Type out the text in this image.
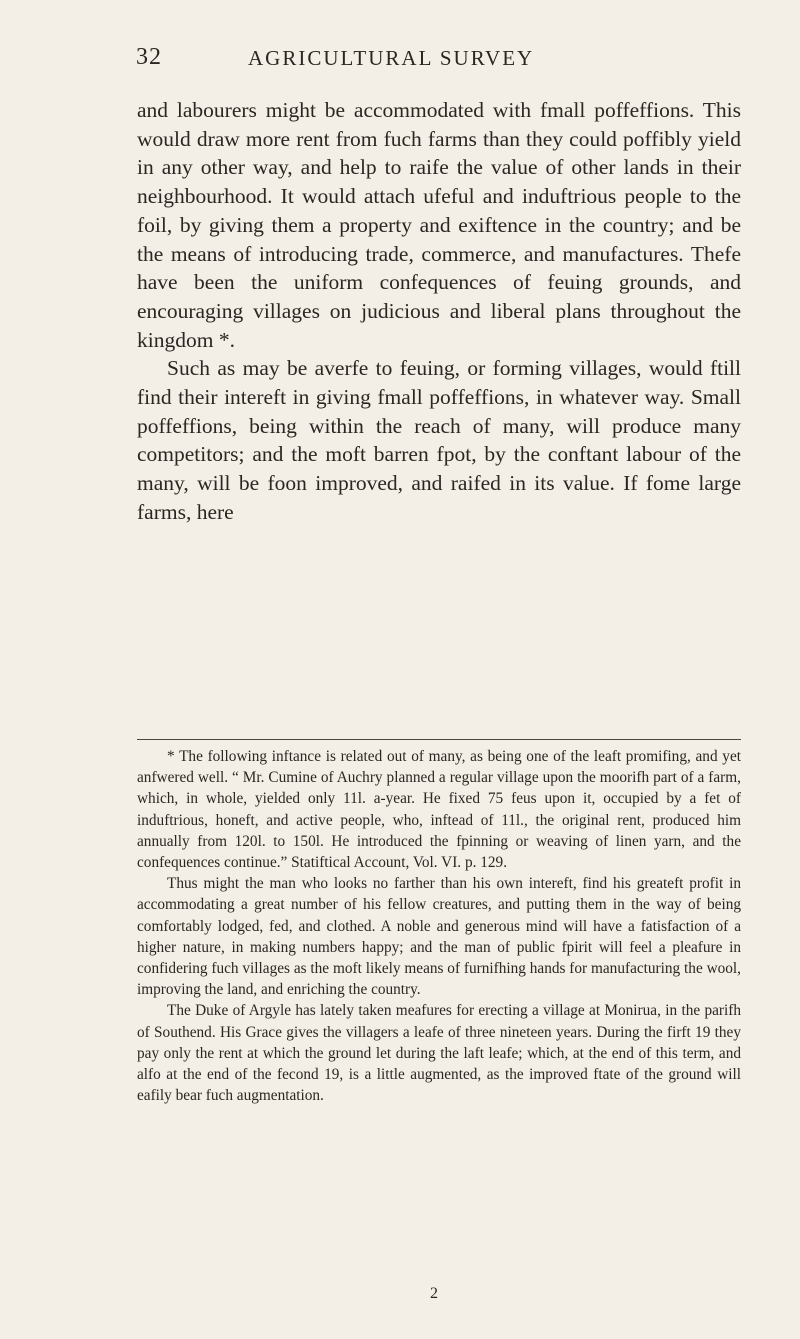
32	AGRICULTURAL SURVEY

and labourers might be accommodated with fmall poffeffions. This would draw more rent from fuch farms than they could poffibly yield in any other way, and help to raife the value of other lands in their neighbourhood. It would attach ufeful and induftrious people to the foil, by giving them a property and exiftence in the country; and be the means of introducing trade, commerce, and manufactures. Thefe have been the uniform confequences of feuing grounds, and encouraging villages on judicious and liberal plans throughout the kingdom *.

Such as may be averfe to feuing, or forming villages, would ftill find their intereft in giving fmall poffeffions, in whatever way. Small poffeffions, being within the reach of many, will produce many competitors; and the moft barren fpot, by the conftant labour of the many, will be foon improved, and raifed in its value. If fome large farms, here

* The following inftance is related out of many, as being one of the leaft promifing, and yet anfwered well. “ Mr. Cumine of Auchry planned a regular village upon the moorifh part of a farm, which, in whole, yielded only 11l. a-year. He fixed 75 feus upon it, occupied by a fet of induftrious, honeft, and active people, who, inftead of 11l., the original rent, produced him annually from 120l. to 150l. He introduced the fpinning or weaving of linen yarn, and the confequences continue.” Statiftical Account, Vol. VI. p. 129.

Thus might the man who looks no farther than his own intereft, find his greateft profit in accommodating a great number of his fellow creatures, and putting them in the way of being comfortably lodged, fed, and clothed. A noble and generous mind will have a fatisfaction of a higher nature, in making numbers happy; and the man of public fpirit will feel a pleafure in confidering fuch villages as the moft likely means of furnifhing hands for manufacturing the wool, improving the land, and enriching the country.

The Duke of Argyle has lately taken meafures for erecting a village at Monirua, in the parifh of Southend. His Grace gives the villagers a leafe of three nineteen years. During the firft 19 they pay only the rent at which the ground let during the laft leafe; which, at the end of this term, and alfo at the end of the fecond 19, is a little augmented, as the improved ftate of the ground will eafily bear fuch augmentation.

2
